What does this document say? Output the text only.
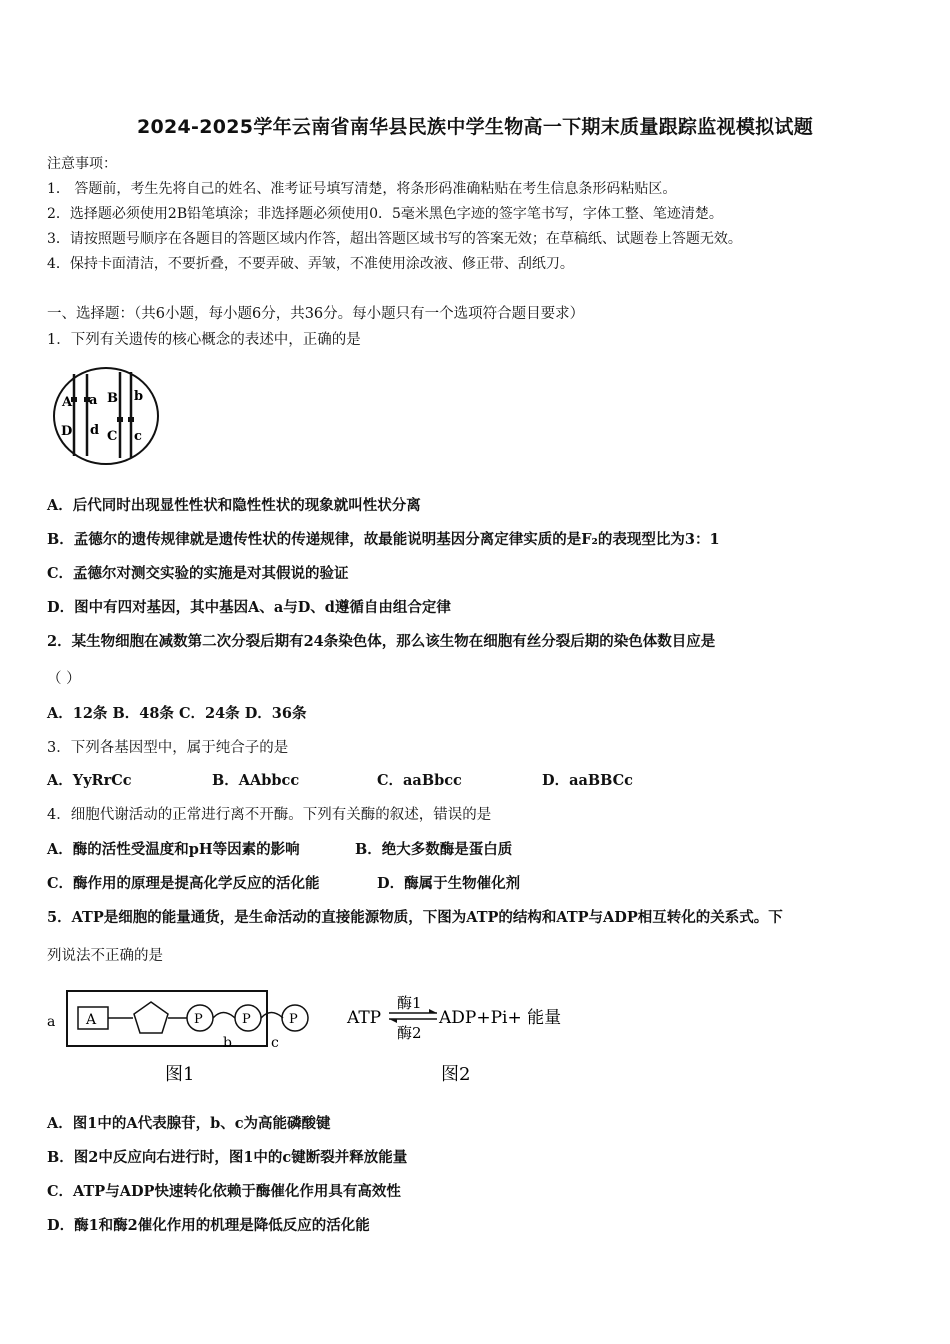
2024-2025学年云南省南华县民族中学生物高一下期末质量跟踪监视模拟试题
注意事项：
1． 答题前，考生先将自己的姓名、准考证号填写清楚，将条形码准确粘贴在考生信息条形码粘贴区。
2．选择题必须使用2B铅笔填涂；非选择题必须使用0．5毫米黑色字迹的签字笔书写，字体工整、笔迹清楚。
3．请按照题号顺序在各题目的答题区域内作答，超出答题区域书写的答案无效；在草稿纸、试题卷上答题无效。
4．保持卡面清洁，不要折叠，不要弄破、弄皱，不准使用涂改液、修正带、刮纸刀。
一、选择题：（共6小题，每小题6分，共36分。每小题只有一个选项符合题目要求）
1．下列有关遗传的核心概念的表述中，正确的是
A a B b
D d C c
A．后代同时出现显性性状和隐性性状的现象就叫性状分离
B．孟德尔的遗传规律就是遗传性状的传递规律，故最能说明基因分离定律实质的是F₂的表现型比为3：1
C．孟德尔对测交实验的实施是对其假说的验证
D．图中有四对基因，其中基因A、a与D、d遵循自由组合定律
2．某生物细胞在减数第二次分裂后期有24条染色体，那么该生物在细胞有丝分裂后期的染色体数目应是
（ ）
A．12条 B．48条 C．24条 D．36条
3．下列各基因型中，属于纯合子的是
A．YyRrCc	B．AAbbcc	C．aaBbcc	D．aaBBCc
4．细胞代谢活动的正常进行离不开酶。下列有关酶的叙述，错误的是
A．酶的活性受温度和pH等因素的影响	B．绝大多数酶是蛋白质
C．酶作用的原理是提高化学反应的活化能	D．酶属于生物催化剂
5．ATP是细胞的能量通货，是生命活动的直接能源物质，下图为ATP的结构和ATP与ADP相互转化的关系式。下
列说法不正确的是
a A	P	P	P
b	c
图1
ATP
酶1
酶2
ADP+Pi+ 能量
图2
A．图1中的A代表腺苷，b、c为高能磷酸键
B．图2中反应向右进行时，图1中的c键断裂并释放能量
C．ATP与ADP快速转化依赖于酶催化作用具有高效性
D．酶1和酶2催化作用的机理是降低反应的活化能
